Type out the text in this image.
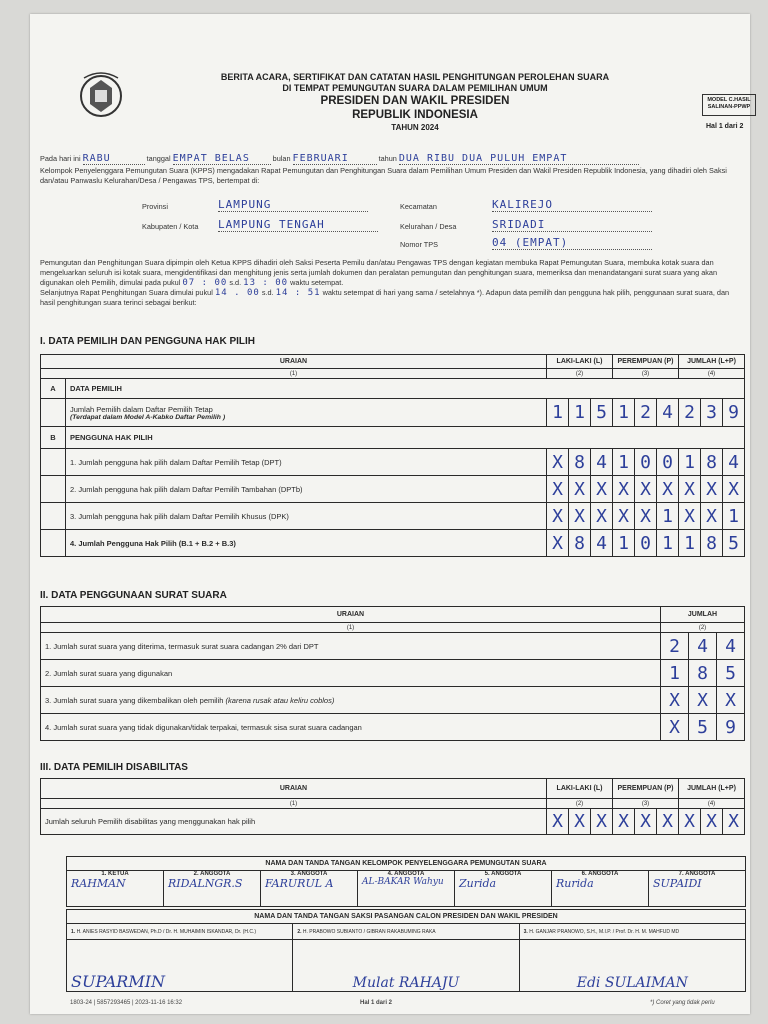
BERITA ACARA, SERTIFIKAT DAN CATATAN HASIL PENGHITUNGAN PEROLEHAN SUARA
DI TEMPAT PEMUNGUTAN SUARA DALAM PEMILIHAN UMUM
PRESIDEN DAN WAKIL PRESIDEN
REPUBLIK INDONESIA
TAHUN 2024
MODEL C.HASIL SALINAN-PPWP
Hal 1 dari 2
Pada hari ini RABU	tanggal EMPAT BELAS	bulan FEBRUARI	tahun DUA RIBU DUA PULUH EMPAT
Kelompok Penyelenggara Pemungutan Suara (KPPS) mengadakan Rapat Pemungutan dan Penghitungan Suara dalam Pemilihan Umum Presiden dan Wakil Presiden Republik Indonesia, yang dihadiri oleh Saksi dan/atau Panwaslu Kelurahan/Desa / Pengawas TPS, bertempat di:
Provinsi	LAMPUNG
Kabupaten / Kota LAMPUNG TENGAH
Kecamatan	KALIREJO
Kelurahan / Desa	SRIDADI
Nomor TPS	04 (EMPAT)
Pemungutan dan Penghitungan Suara dipimpin oleh Ketua KPPS dihadiri oleh Saksi Peserta Pemilu dan/atau Pengawas TPS dengan kegiatan membuka Rapat Pemungutan Suara, membuka kotak suara dan mengeluarkan seluruh isi kotak suara, mengidentifikasi dan menghitung jenis serta jumlah dokumen dan peralatan pemungutan dan penghitungan suara, memeriksa dan menandatangani surat suara yang akan digunakan oleh Pemilih, dimulai pada pukul 07 : 00 s.d. 13 : 00 waktu setempat.
Selanjutnya Rapat Penghitungan Suara dimulai pukul 14 . 00 s.d. 14 : 51 waktu setempat di hari yang sama / setelahnya *). Adapun data pemilih dan pengguna hak pilih, penggunaan surat suara, dan hasil penghitungan suara terinci sebagai berikut:
I. DATA PEMILIH DAN PENGGUNA HAK PILIH
URAIAN		LAKI-LAKI (L)			PEREMPUAN (P)			JUMLAH (L+P)		
(1)		(2)			(3)			(4)		
A	DATA PEMILIH									

	Jumlah Pemilih dalam Daftar Pemilih Tetap
(Terdapat dalam Model A-Kabko Daftar Pemilih )	1	1	5	1	2	4	2	3	9
B	PENGGUNA HAK PILIH									
	1. Jumlah pengguna hak pilih dalam Daftar Pemilih Tetap (DPT)	X	8	4	1	0	0	1	8	4
	2. Jumlah pengguna hak pilih dalam Daftar Pemilih Tambahan (DPTb)	X	X	X	X	X	X	X	X	X
	3. Jumlah pengguna hak pilih dalam Daftar Pemilih Khusus (DPK)	X	X	X	X	X	1	X	X	1
	4. Jumlah Pengguna Hak Pilih (B.1 + B.2 + B.3)	X	8	4	1	0	1	1	8	5
II. DATA PENGGUNAAN SURAT SUARA
URAIAN	JUMLAH		
(1)	(2)		
1. Jumlah surat suara yang diterima, termasuk surat suara cadangan 2% dari DPT	2	4	4
2. Jumlah surat suara yang digunakan	1	8	5
3. Jumlah surat suara yang dikembalikan oleh pemilih (karena rusak atau keliru coblos)	X	X	X
4. Jumlah surat suara yang tidak digunakan/tidak terpakai, termasuk sisa surat suara cadangan	X	5	9
III. DATA PEMILIH DISABILITAS
URAIAN	LAKI-LAKI (L)			PEREMPUAN (P)			JUMLAH (L+P)		
(1)	(2)			(3)			(4)		
Jumlah seluruh Pemilih disabilitas yang menggunakan hak pilih	X	X	X	X	X	X	X	X	X
NAMA DAN TANDA TANGAN KELOMPOK PENYELENGGARA PEMUNGUTAN SUARA

1. KETUA
RAHMAN

2. ANGGOTA
RIDALNGR.S

3. ANGGOTA
FARURUL A

4. ANGGOTA
AL-BAKAR Wahyu

5. ANGGOTA
Zurida

6. ANGGOTA
Rurida

7. ANGGOTA
SUPAIDI
NAMA DAN TANDA TANGAN SAKSI PASANGAN CALON PRESIDEN DAN WAKIL PRESIDEN		
1. H. ANIES RASYID BASWEDAN, Ph.D / Dr. H. MUHAIMIN ISKANDAR, Dr. (H.C.)	2. H. PRABOWO SUBIANTO / GIBRAN RAKABUMING RAKA	3. H. GANJAR PRANOWO, S.H., M.I.P. / Prof. Dr. H. M. MAHFUD MD

SUPARMIN	Mulat RAHAJU	Edi SULAIMAN
1803-24 | 5857293465 | 2023-11-16 16:32	Hal 1 dari 2	*) Coret yang tidak perlu
